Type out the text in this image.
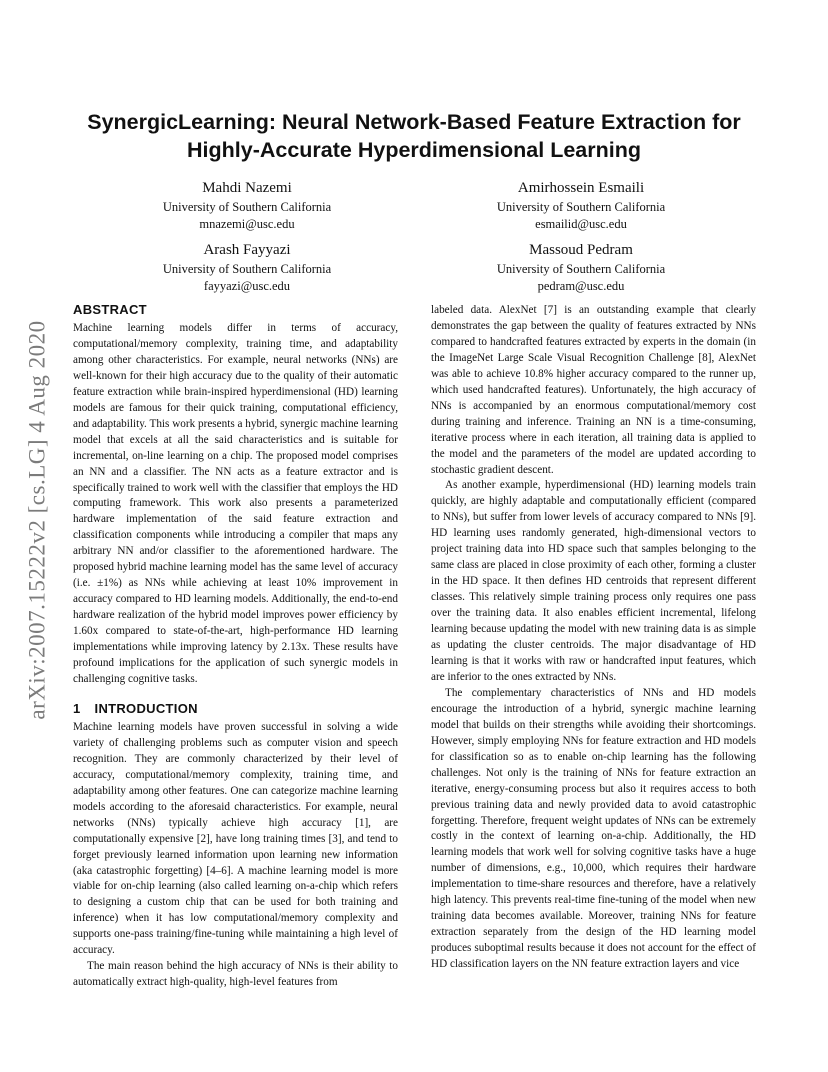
arXiv:2007.15222v2 [cs.LG] 4 Aug 2020
SynergicLearning: Neural Network-Based Feature Extraction for
Highly-Accurate Hyperdimensional Learning
Mahdi Nazemi
University of Southern California
mnazemi@usc.edu
Amirhossein Esmaili
University of Southern California
esmailid@usc.edu
Arash Fayyazi
University of Southern California
fayyazi@usc.edu
Massoud Pedram
University of Southern California
pedram@usc.edu
ABSTRACT

Machine learning models differ in terms of accuracy, computational/memory complexity, training time, and adaptability among other characteristics. For example, neural networks (NNs) are well-known for their high accuracy due to the quality of their automatic feature extraction while brain-inspired hyperdimensional (HD) learning models are famous for their quick training, computational efficiency, and adaptability. This work presents a hybrid, synergic machine learning model that excels at all the said characteristics and is suitable for incremental, on-line learning on a chip. The proposed model comprises an NN and a classifier. The NN acts as a feature extractor and is specifically trained to work well with the classifier that employs the HD computing framework. This work also presents a parameterized hardware implementation of the said feature extraction and classification components while introducing a compiler that maps any arbitrary NN and/or classifier to the aforementioned hardware. The proposed hybrid machine learning model has the same level of accuracy (i.e. ±1%) as NNs while achieving at least 10% improvement in accuracy compared to HD learning models. Additionally, the end-to-end hardware realization of the hybrid model improves power efficiency by 1.60x compared to state-of-the-art, high-performance HD learning implementations while improving latency by 2.13x. These results have profound implications for the application of such synergic models in challenging cognitive tasks.

1 INTRODUCTION

Machine learning models have proven successful in solving a wide variety of challenging problems such as computer vision and speech recognition. They are commonly characterized by their level of accuracy, computational/memory complexity, training time, and adaptability among other features. One can categorize machine learning models according to the aforesaid characteristics. For example, neural networks (NNs) typically achieve high accuracy [1], are computationally expensive [2], have long training times [3], and tend to forget previously learned information upon learning new information (aka catastrophic forgetting) [4–6]. A machine learning model is more viable for on-chip learning (also called learning on-a-chip which refers to designing a custom chip that can be used for both training and inference) when it has low computational/memory complexity and supports one-pass training/fine-tuning while maintaining a high level of accuracy.

The main reason behind the high accuracy of NNs is their ability to automatically extract high-quality, high-level features from

labeled data. AlexNet [7] is an outstanding example that clearly demonstrates the gap between the quality of features extracted by NNs compared to handcrafted features extracted by experts in the domain (in the ImageNet Large Scale Visual Recognition Challenge [8], AlexNet was able to achieve 10.8% higher accuracy compared to the runner up, which used handcrafted features). Unfortunately, the high accuracy of NNs is accompanied by an enormous computational/memory cost during training and inference. Training an NN is a time-consuming, iterative process where in each iteration, all training data is applied to the model and the parameters of the model are updated according to stochastic gradient descent.

As another example, hyperdimensional (HD) learning models train quickly, are highly adaptable and computationally efficient (compared to NNs), but suffer from lower levels of accuracy compared to NNs [9]. HD learning uses randomly generated, high-dimensional vectors to project training data into HD space such that samples belonging to the same class are placed in close proximity of each other, forming a cluster in the HD space. It then defines HD centroids that represent different classes. This relatively simple training process only requires one pass over the training data. It also enables efficient incremental, lifelong learning because updating the model with new training data is as simple as updating the cluster centroids. The major disadvantage of HD learning is that it works with raw or handcrafted input features, which are inferior to the ones extracted by NNs.

The complementary characteristics of NNs and HD models encourage the introduction of a hybrid, synergic machine learning model that builds on their strengths while avoiding their shortcomings. However, simply employing NNs for feature extraction and HD models for classification so as to enable on-chip learning has the following challenges. Not only is the training of NNs for feature extraction an iterative, energy-consuming process but also it requires access to both previous training data and newly provided data to avoid catastrophic forgetting. Therefore, frequent weight updates of NNs can be extremely costly in the context of learning on-a-chip. Additionally, the HD learning models that work well for solving cognitive tasks have a huge number of dimensions, e.g., 10,000, which requires their hardware implementation to time-share resources and therefore, have a relatively high latency. This prevents real-time fine-tuning of the model when new training data becomes available. Moreover, training NNs for feature extraction separately from the design of the HD learning model produces suboptimal results because it does not account for the effect of HD classification layers on the NN feature extraction layers and vice
